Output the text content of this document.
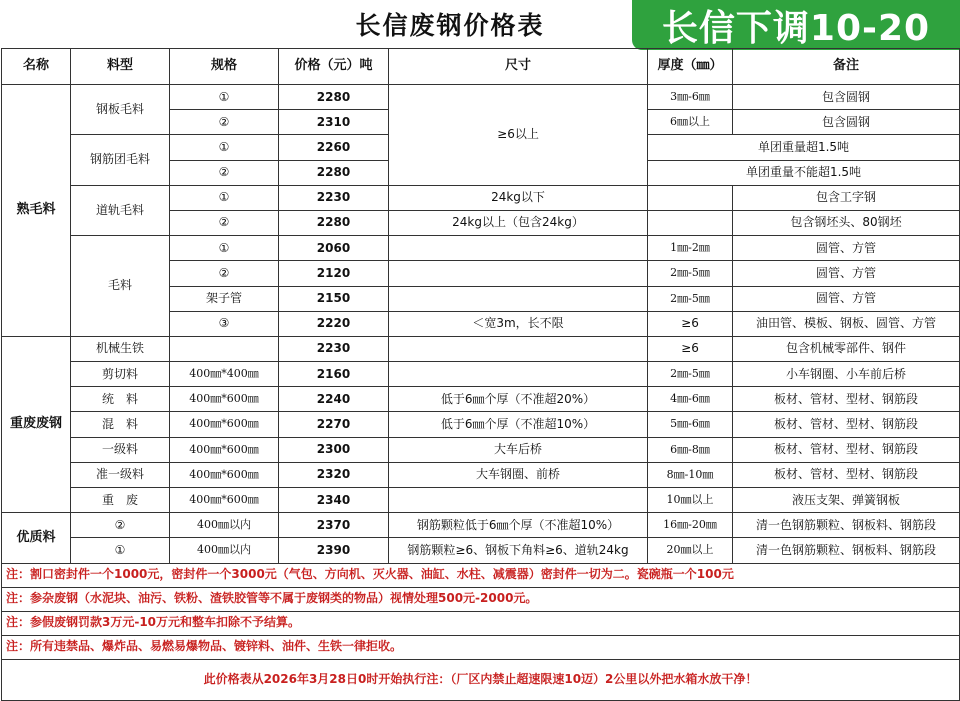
长信废钢价格表	长信下调10-20
名称	料型	规格	价格（元）吨	尺寸	厚度（㎜）	备注
熟毛料	钢板毛料	①	2280	≥6以上	3㎜-6㎜	包含圆钢
		②	2310		6㎜以上	包含圆钢
	钢筋团毛料	①	2260		单团重量超1.5吨	
		②	2280		单团重量不能超1.5吨	
	道轨毛料	①	2230	24kg以下		包含工字钢
		②	2280	24kg以上（包含24kg）		包含钢坯头、80钢坯
	毛料	①	2060		1㎜-2㎜	圆管、方管
		②	2120		2㎜-5㎜	圆管、方管
		架子管	2150		2㎜-5㎜	圆管、方管
		③	2220	＜宽3m，长不限	≥6	油田管、模板、钢板、圆管、方管
重废废钢	机械生铁		2230		≥6	包含机械零部件、钢件
	剪切料	400㎜*400㎜	2160		2㎜-5㎜	小车钢圈、小车前后桥
	统　料	400㎜*600㎜	2240	低于6㎜个厚（不准超20%）	4㎜-6㎜	板材、管材、型材、钢筋段
	混　料	400㎜*600㎜	2270	低于6㎜个厚（不准超10%）	5㎜-6㎜	板材、管材、型材、钢筋段
	一级料	400㎜*600㎜	2300	大车后桥	6㎜-8㎜	板材、管材、型材、钢筋段
	准一级料	400㎜*600㎜	2320	大车钢圈、前桥	8㎜-10㎜	板材、管材、型材、钢筋段
	重　废	400㎜*600㎜	2340		10㎜以上	液压支架、弹簧钢板
优质料	②	400㎜以内	2370	钢筋颗粒低于6㎜个厚（不准超10%）	16㎜-20㎜	清一色钢筋颗粒、钢板料、钢筋段
	①	400㎜以内	2390	钢筋颗粒≥6、钢板下角料≥6、道轨24kg	20㎜以上	清一色钢筋颗粒、钢板料、钢筋段
注：割口密封件一个1000元，密封件一个3000元（气包、方向机、灭火器、油缸、水柱、减震器）密封件一切为二。瓷碗瓶一个100元						
注：参杂废钢（水泥块、油污、铁粉、渣铁胶管等不属于废钢类的物品）视情处理500元-2000元。						
注：参假废钢罚款3万元-10万元和整车扣除不予结算。						
注：所有违禁品、爆炸品、易燃易爆物品、镀锌料、油件、生铁一律拒收。						
此价格表从2026年3月28日0时开始执行注：（厂区内禁止超速限速10迈）2公里以外把水箱水放干净！						
